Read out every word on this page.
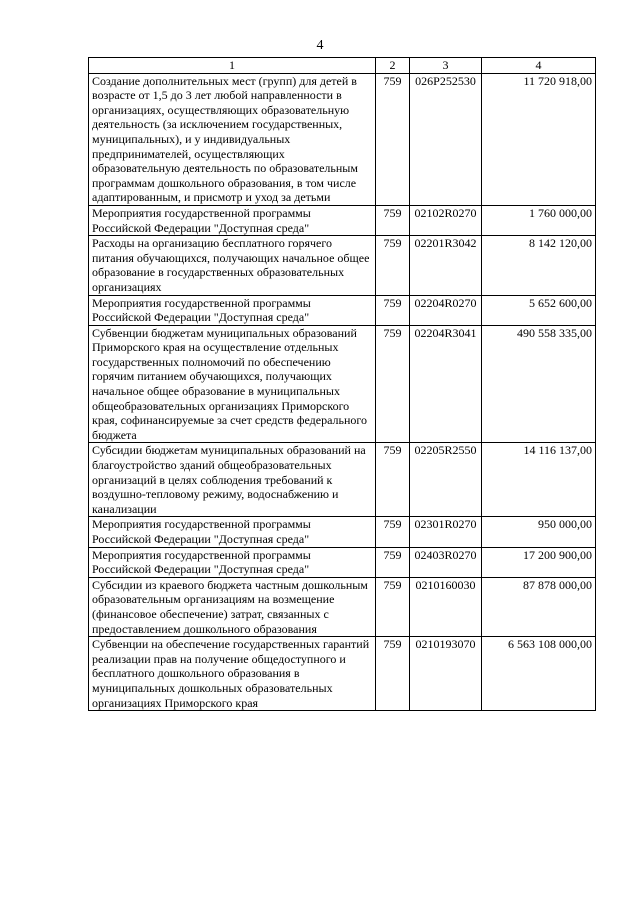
4
1	2	3	4
Создание дополнительных мест (групп) для детей в возрасте от 1,5 до 3 лет любой направленности в организациях, осуществляющих образовательную деятельность (за исключением государственных, муниципальных), и у индивидуальных предпринимателей, осуществляющих образовательную деятельность по образовательным программам дошкольного образования, в том числе адаптированным, и присмотр и уход за детьми	759	026Р252530	11 720 918,00
Мероприятия государственной программы Российской Федерации "Доступная среда"	759	02102R0270	1 760 000,00
Расходы на организацию бесплатного горячего питания обучающихся, получающих начальное общее образование в государственных образовательных организациях	759	02201R3042	8 142 120,00
Мероприятия государственной программы Российской Федерации "Доступная среда"	759	02204R0270	5 652 600,00
Субвенции бюджетам муниципальных образований Приморского края на осуществление отдельных государственных полномочий по обеспечению горячим питанием обучающихся, получающих начальное общее образование в муниципальных общеобразовательных организациях Приморского края, софинансируемые за счет средств федерального бюджета	759	02204R3041	490 558 335,00
Субсидии бюджетам муниципальных образований на благоустройство зданий общеобразовательных организаций в целях соблюдения требований к воздушно-тепловому режиму, водоснабжению и канализации	759	02205R2550	14 116 137,00
Мероприятия государственной программы Российской Федерации "Доступная среда"	759	02301R0270	950 000,00
Мероприятия государственной программы Российской Федерации "Доступная среда"	759	02403R0270	17 200 900,00
Субсидии из краевого бюджета частным дошкольным образовательным организациям на возмещение (финансовое обеспечение) затрат, связанных с предоставлением дошкольного образования	759	0210160030	87 878 000,00
Субвенции на обеспечение государственных гарантий реализации прав на получение общедоступного и бесплатного дошкольного образования в муниципальных дошкольных образовательных организациях Приморского края	759	0210193070	6 563 108 000,00
